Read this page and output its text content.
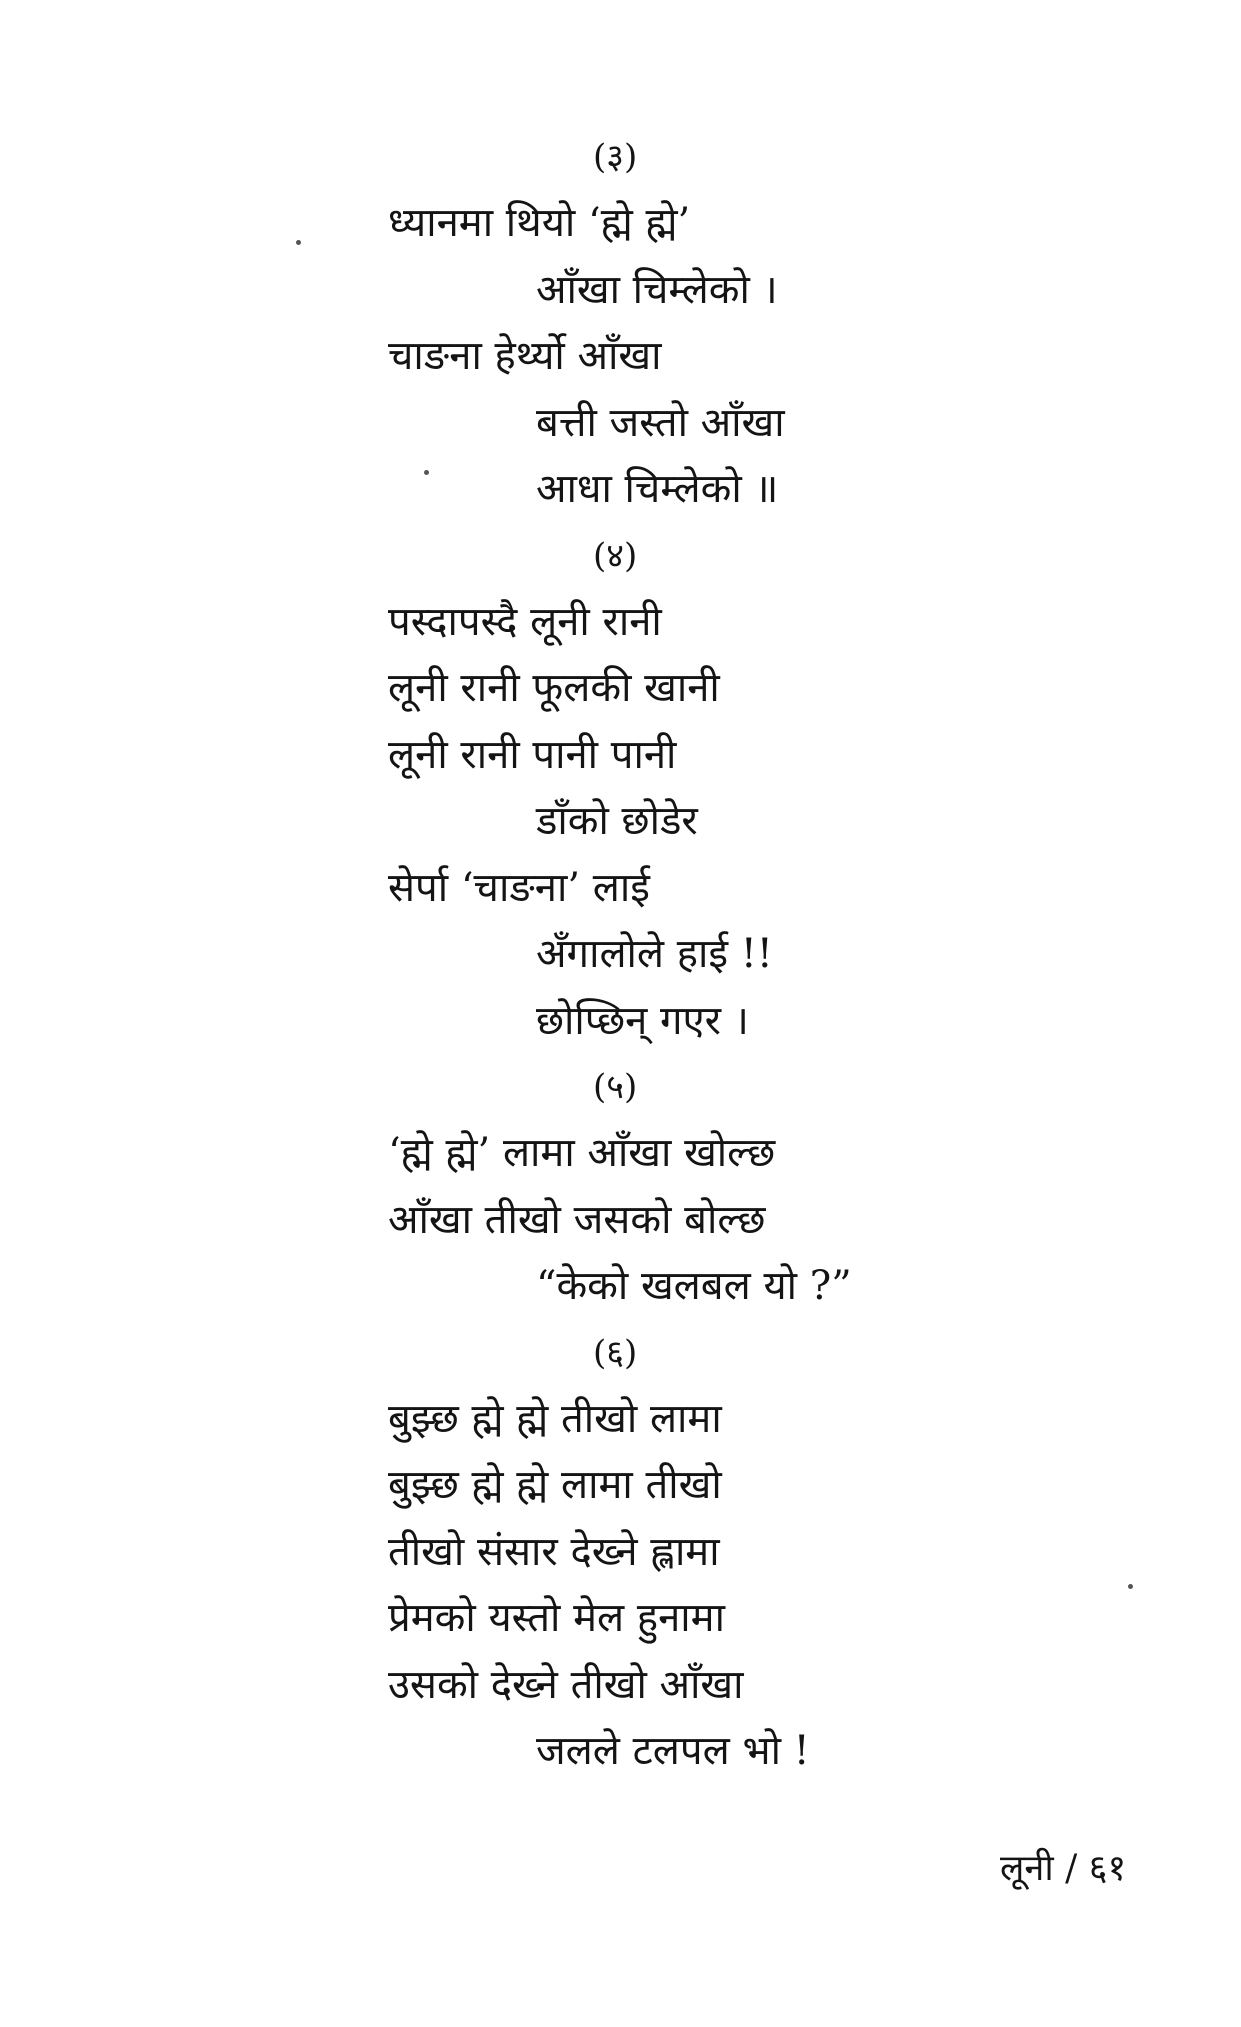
(३)
ध्यानमा थियो ‘ह्मे ह्मे’
आँखा चिम्लेको ।
चाङना हेर्थ्यो आँखा
बत्ती जस्तो आँखा
आधा चिम्लेको ॥
(४)
पस्दापस्दै लूनी रानी
लूनी रानी फूलकी खानी
लूनी रानी पानी पानी
डाँको छोडेर
सेर्पा ‘चाङना’ लाई
अँगालोले हाई !!
छोप्छिन् गएर ।
(५)
‘ह्मे ह्मे’ लामा आँखा खोल्छ
आँखा तीखो जसको बोल्छ
“केको खलबल यो ?”
(६)
बुझ्छ ह्मे ह्मे तीखो लामा
बुझ्छ ह्मे ह्मे लामा तीखो
तीखो संसार देख्ने ह्लामा
प्रेमको यस्तो मेल हुनामा
उसको देख्ने तीखो आँखा
जलले टलपल भो !
लूनी / ६१
